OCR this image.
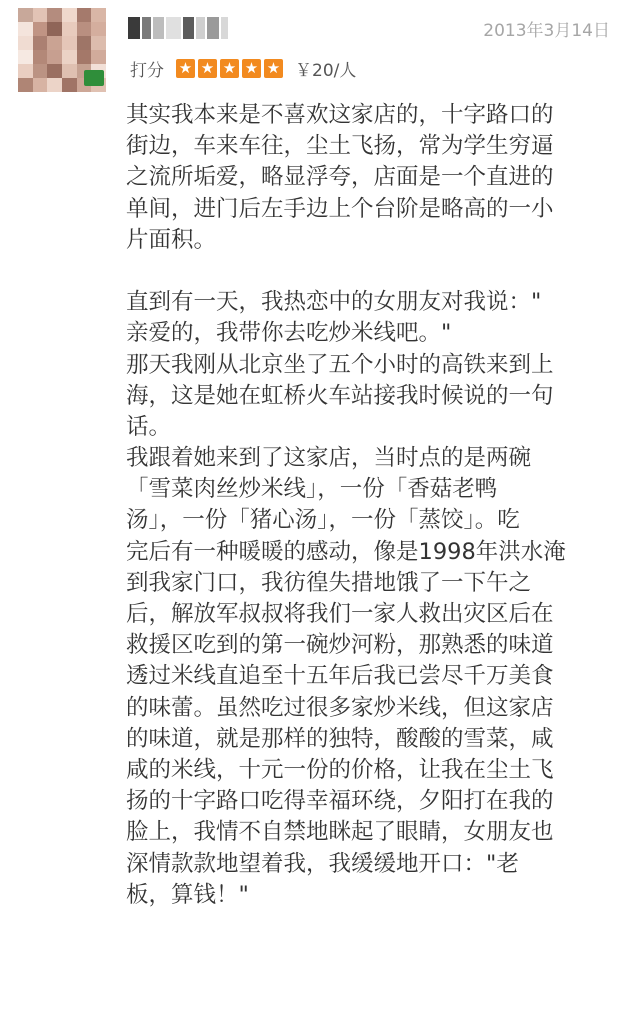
2013年3月14日
打分 ★ ★ ★ ★ ★ ￥20/人
其实我本来是不喜欢这家店的，十字路口的
街边，车来车往，尘土飞扬，常为学生穷逼
之流所垢爱，略显浮夸，店面是一个直进的
单间，进门后左手边上个台阶是略高的一小
片面积。
直到有一天，我热恋中的女朋友对我说："
亲爱的，我带你去吃炒米线吧。"
那天我刚从北京坐了五个小时的高铁来到上
海，这是她在虹桥火车站接我时候说的一句
话。
我跟着她来到了这家店，当时点的是两碗
「雪菜肉丝炒米线」，一份「香菇老鸭
汤」，一份「猪心汤」，一份「蒸饺」。吃
完后有一种暖暖的感动，像是1998年洪水淹
到我家门口，我彷徨失措地饿了一下午之
后，解放军叔叔将我们一家人救出灾区后在
救援区吃到的第一碗炒河粉，那熟悉的味道
透过米线直追至十五年后我已尝尽千万美食
的味蕾。虽然吃过很多家炒米线，但这家店
的味道，就是那样的独特，酸酸的雪菜，咸
咸的米线，十元一份的价格，让我在尘土飞
扬的十字路口吃得幸福环绕，夕阳打在我的
脸上，我情不自禁地眯起了眼睛，女朋友也
深情款款地望着我，我缓缓地开口："老
板，算钱！"
